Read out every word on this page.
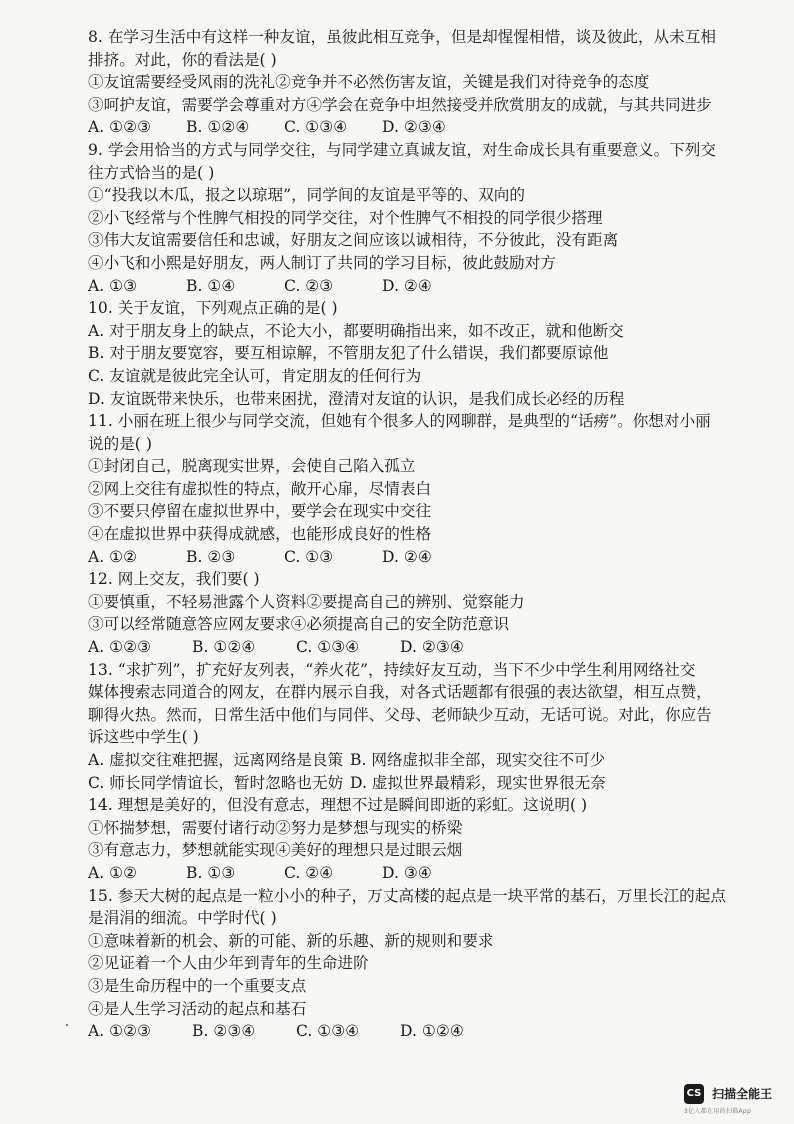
8. 在学习生活中有这样一种友谊，虽彼此相互竞争，但是却惺惺相惜，谈及彼此，从未互相
排挤。对此，你的看法是( )
①友谊需要经受风雨的洗礼②竞争并不必然伤害友谊，关键是我们对待竞争的态度
③呵护友谊，需要学会尊重对方④学会在竞争中坦然接受并欣赏朋友的成就，与其共同进步
A. ①②③	B. ①②④	C. ①③④	D. ②③④
9. 学会用恰当的方式与同学交往，与同学建立真诚友谊，对生命成长具有重要意义。下列交
往方式恰当的是( )
①“投我以木瓜，报之以琼琚”，同学间的友谊是平等的、双向的
②小飞经常与个性脾气相投的同学交往，对个性脾气不相投的同学很少搭理
③伟大友谊需要信任和忠诚，好朋友之间应该以诚相待，不分彼此，没有距离
④小飞和小熙是好朋友，两人制订了共同的学习目标，彼此鼓励对方
A. ①③	B. ①④	C. ②③	D. ②④
10. 关于友谊，下列观点正确的是( )
A. 对于朋友身上的缺点，不论大小，都要明确指出来，如不改正，就和他断交
B. 对于朋友要宽容，要互相谅解，不管朋友犯了什么错误，我们都要原谅他
C. 友谊就是彼此完全认可，肯定朋友的任何行为
D. 友谊既带来快乐，也带来困扰，澄清对友谊的认识，是我们成长必经的历程
11. 小丽在班上很少与同学交流，但她有个很多人的网聊群，是典型的“话痨”。你想对小丽
说的是( )
①封闭自己，脱离现实世界，会使自己陷入孤立
②网上交往有虚拟性的特点，敞开心扉，尽情表白
③不要只停留在虚拟世界中，要学会在现实中交往
④在虚拟世界中获得成就感，也能形成良好的性格
A. ①②	B. ②③	C. ①③	D. ②④
12. 网上交友，我们要( )
①要慎重，不轻易泄露个人资料②要提高自己的辨别、觉察能力
③可以经常随意答应网友要求④必须提高自己的安全防范意识
A. ①②③	B. ①②④	C. ①③④	D. ②③④
13. “求扩列”，扩充好友列表，“养火花”，持续好友互动，当下不少中学生利用网络社交
媒体搜索志同道合的网友，在群内展示自我，对各式话题都有很强的表达欲望，相互点赞，
聊得火热。然而，日常生活中他们与同伴、父母、老师缺少互动，无话可说。对此，你应告
诉这些中学生( )
A. 虚拟交往难把握，远离网络是良策 B. 网络虚拟非全部，现实交往不可少
C. 师长同学情谊长，暂时忽略也无妨 D. 虚拟世界最精彩，现实世界很无奈
14. 理想是美好的，但没有意志，理想不过是瞬间即逝的彩虹。这说明( )
①怀揣梦想，需要付诸行动②努力是梦想与现实的桥梁
③有意志力，梦想就能实现④美好的理想只是过眼云烟
A. ①②	B. ①③	C. ②④	D. ③④
15. 参天大树的起点是一粒小小的种子，万丈高楼的起点是一块平常的基石，万里长江的起点
是涓涓的细流。中学时代( )
①意味着新的机会、新的可能、新的乐趣、新的规则和要求
②见证着一个人由少年到青年的生命进阶
③是生命历程中的一个重要支点
④是人生学习活动的起点和基石
A. ①②③	B. ②③④	C. ①③④	D. ①②④
CS 扫描全能王
3亿人都在用的扫描App
